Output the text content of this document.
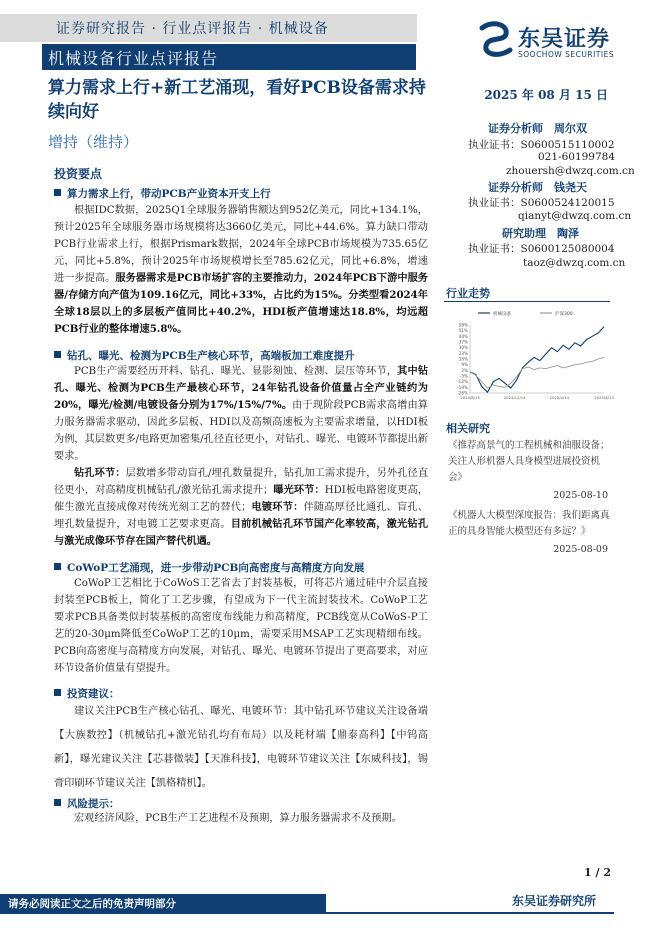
证券研究报告 · 行业点评报告 · 机械设备
机械设备行业点评报告
东吴证券
SOOCHOW SECURITIES
算力需求上行+新工艺涌现，看好PCB设备需求持续向好
增持（维持）
2025 年 08 月 15 日
证券分析师　周尔双
执业证书：S0600515110002
021-60199784
zhouersh@dwzq.com.cn
证券分析师　钱尧天
执业证书：S0600524120015
qianyt@dwzq.com.cn
研究助理　陶泽
执业证书：S0600125080004
taoz@dwzq.com.cn
投资要点
算力需求上行，带动PCB产业资本开支上行
根据IDC数据，2025Q1全球服务器销售额达到952亿美元，同比+134.1%，预计2025年全球服务器市场规模将达3660亿美元，同比+44.6%。算力缺口带动PCB行业需求上行，根据Prismark数据，2024年全球PCB市场规模为735.65亿元，同比+5.8%，预计2025年市场规模增长至785.62亿元，同比+6.8%，增速进一步提高。服务器需求是PCB市场扩容的主要推动力，2024年PCB下游中服务器/存储方向产值为109.16亿元，同比+33%，占比约为15%。分类型看2024年全球18层以上的多层板产值同比+40.2%，HDI板产值增速达18.8%，均远超PCB行业的整体增速5.8%。
钻孔、曝光、检测为PCB生产核心环节，高端板加工难度提升
PCB生产需要经历开料、钻孔、曝光、显影刻蚀、检测、层压等环节，其中钻孔、曝光、检测为PCB生产最核心环节，24年钻孔设备价值量占全产业链约为20%，曝光/检测/电镀设备分别为17%/15%/7%。由于现阶段PCB需求高增由算力服务器需求驱动，因此多层板、HDI以及高频高速板为主要需求增量，以HDI板为例，其层数更多/电路更加密集/孔径直径更小，对钻孔、曝光、电镀环节都提出新要求。
钻孔环节：层数增多带动盲孔/埋孔数量提升，钻孔加工需求提升，另外孔径直径更小，对高精度机械钻孔/激光钻孔需求提升；曝光环节：HDI板电路密度更高，催生激光直接成像对传统光刻工艺的替代；电镀环节：伴随高厚径比通孔、盲孔、埋孔数量提升，对电镀工艺要求更高。目前机械钻孔环节国产化率较高，激光钻孔与激光成像环节存在国产替代机遇。
CoWoP工艺涌现，进一步带动PCB向高密度与高精度方向发展
CoWoP工艺相比于CoWoS工艺省去了封装基板，可将芯片通过硅中介层直接封装至PCB板上，简化了工艺步骤，有望成为下一代主流封装技术。CoWoP工艺要求PCB具备类似封装基板的高密度布线能力和高精度，PCB线宽从CoWoS-P工艺的20-30μm降低至CoWoP工艺的10μm，需要采用MSAP工艺实现精细布线。PCB向高密度与高精度方向发展，对钻孔、曝光、电镀环节提出了更高要求，对应环节设备价值量有望提升。
投资建议：
建议关注PCB生产核心钻孔、曝光、电镀环节：其中钻孔环节建议关注设备端【大族数控】（机械钻孔+激光钻孔均有布局）以及耗材端【鼎泰高科】【中钨高新】，曝光建议关注【芯碁微装】【天准科技】，电镀环节建议关注【东威科技】，锡膏印刷环节建议关注【凯格精机】。
风险提示：
宏观经济风险，PCB生产工艺进程不及预期，算力服务器需求不及预期。
行业走势
58%
51%
44%
37%
30%
23%
16%
9%
2%
-5%
-12%
-19%
-26%
2024/8/15	2024/12/14	2025/4/14	2025/8/13
机械设备	沪深300
相关研究
《推荐高景气的工程机械和油服设备；关注人形机器人具身模型进展投资机会》
2025-08-10
《机器人大模型深度报告：我们距离真正的具身智能大模型还有多远？》
2025-08-09
1 / 2
请务必阅读正文之后的免责声明部分	东吴证券研究所
